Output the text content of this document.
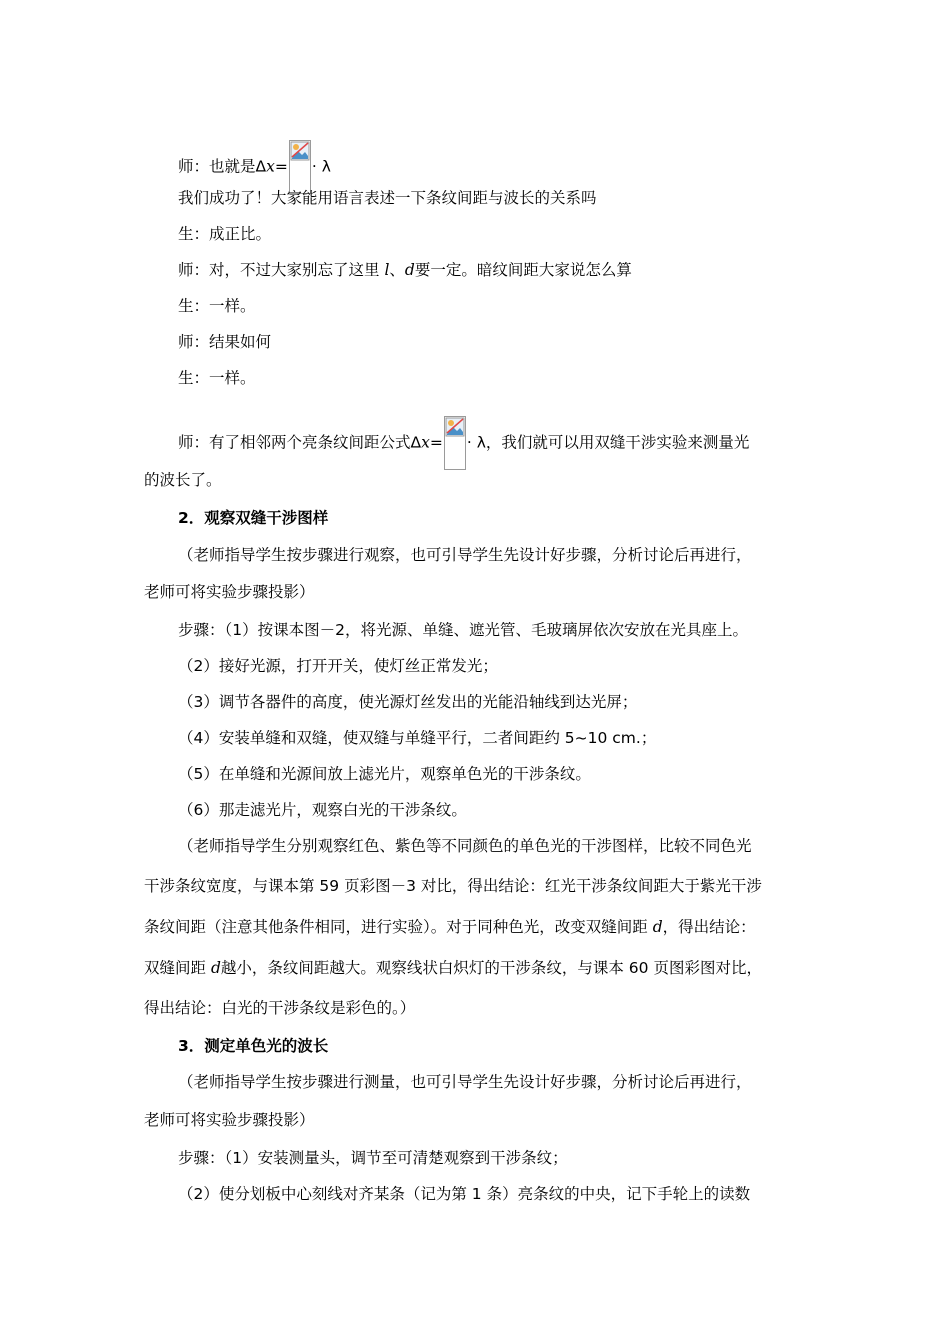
师：也就是Δx= · λ
我们成功了！大家能用语言表述一下条纹间距与波长的关系吗
生：成正比。
师：对，不过大家别忘了这里 l、d要一定。暗纹间距大家说怎么算
生：一样。
师：结果如何
生：一样。
师：有了相邻两个亮条纹间距公式Δx= · λ，我们就可以用双缝干涉实验来测量光
的波长了。
2．观察双缝干涉图样
（老师指导学生按步骤进行观察，也可引导学生先设计好步骤，分析讨论后再进行，
老师可将实验步骤投影）
步骤：（1）按课本图－2，将光源、单缝、遮光管、毛玻璃屏依次安放在光具座上。
（2）接好光源，打开开关，使灯丝正常发光；
（3）调节各器件的高度，使光源灯丝发出的光能沿轴线到达光屏；
（4）安装单缝和双缝，使双缝与单缝平行，二者间距约 5~10 cm.；
（5）在单缝和光源间放上滤光片，观察单色光的干涉条纹。
（6）那走滤光片，观察白光的干涉条纹。
（老师指导学生分别观察红色、紫色等不同颜色的单色光的干涉图样，比较不同色光
干涉条纹宽度，与课本第 59 页彩图－3 对比，得出结论：红光干涉条纹间距大于紫光干涉
条纹间距（注意其他条件相同，进行实验）。对于同种色光，改变双缝间距 d，得出结论：
双缝间距 d越小，条纹间距越大。观察线状白炽灯的干涉条纹，与课本 60 页图彩图对比，
得出结论：白光的干涉条纹是彩色的。）
3．测定单色光的波长
（老师指导学生按步骤进行测量，也可引导学生先设计好步骤，分析讨论后再进行，
老师可将实验步骤投影）
步骤：（1）安装测量头，调节至可清楚观察到干涉条纹；
（2）使分划板中心刻线对齐某条（记为第 1 条）亮条纹的中央，记下手轮上的读数
